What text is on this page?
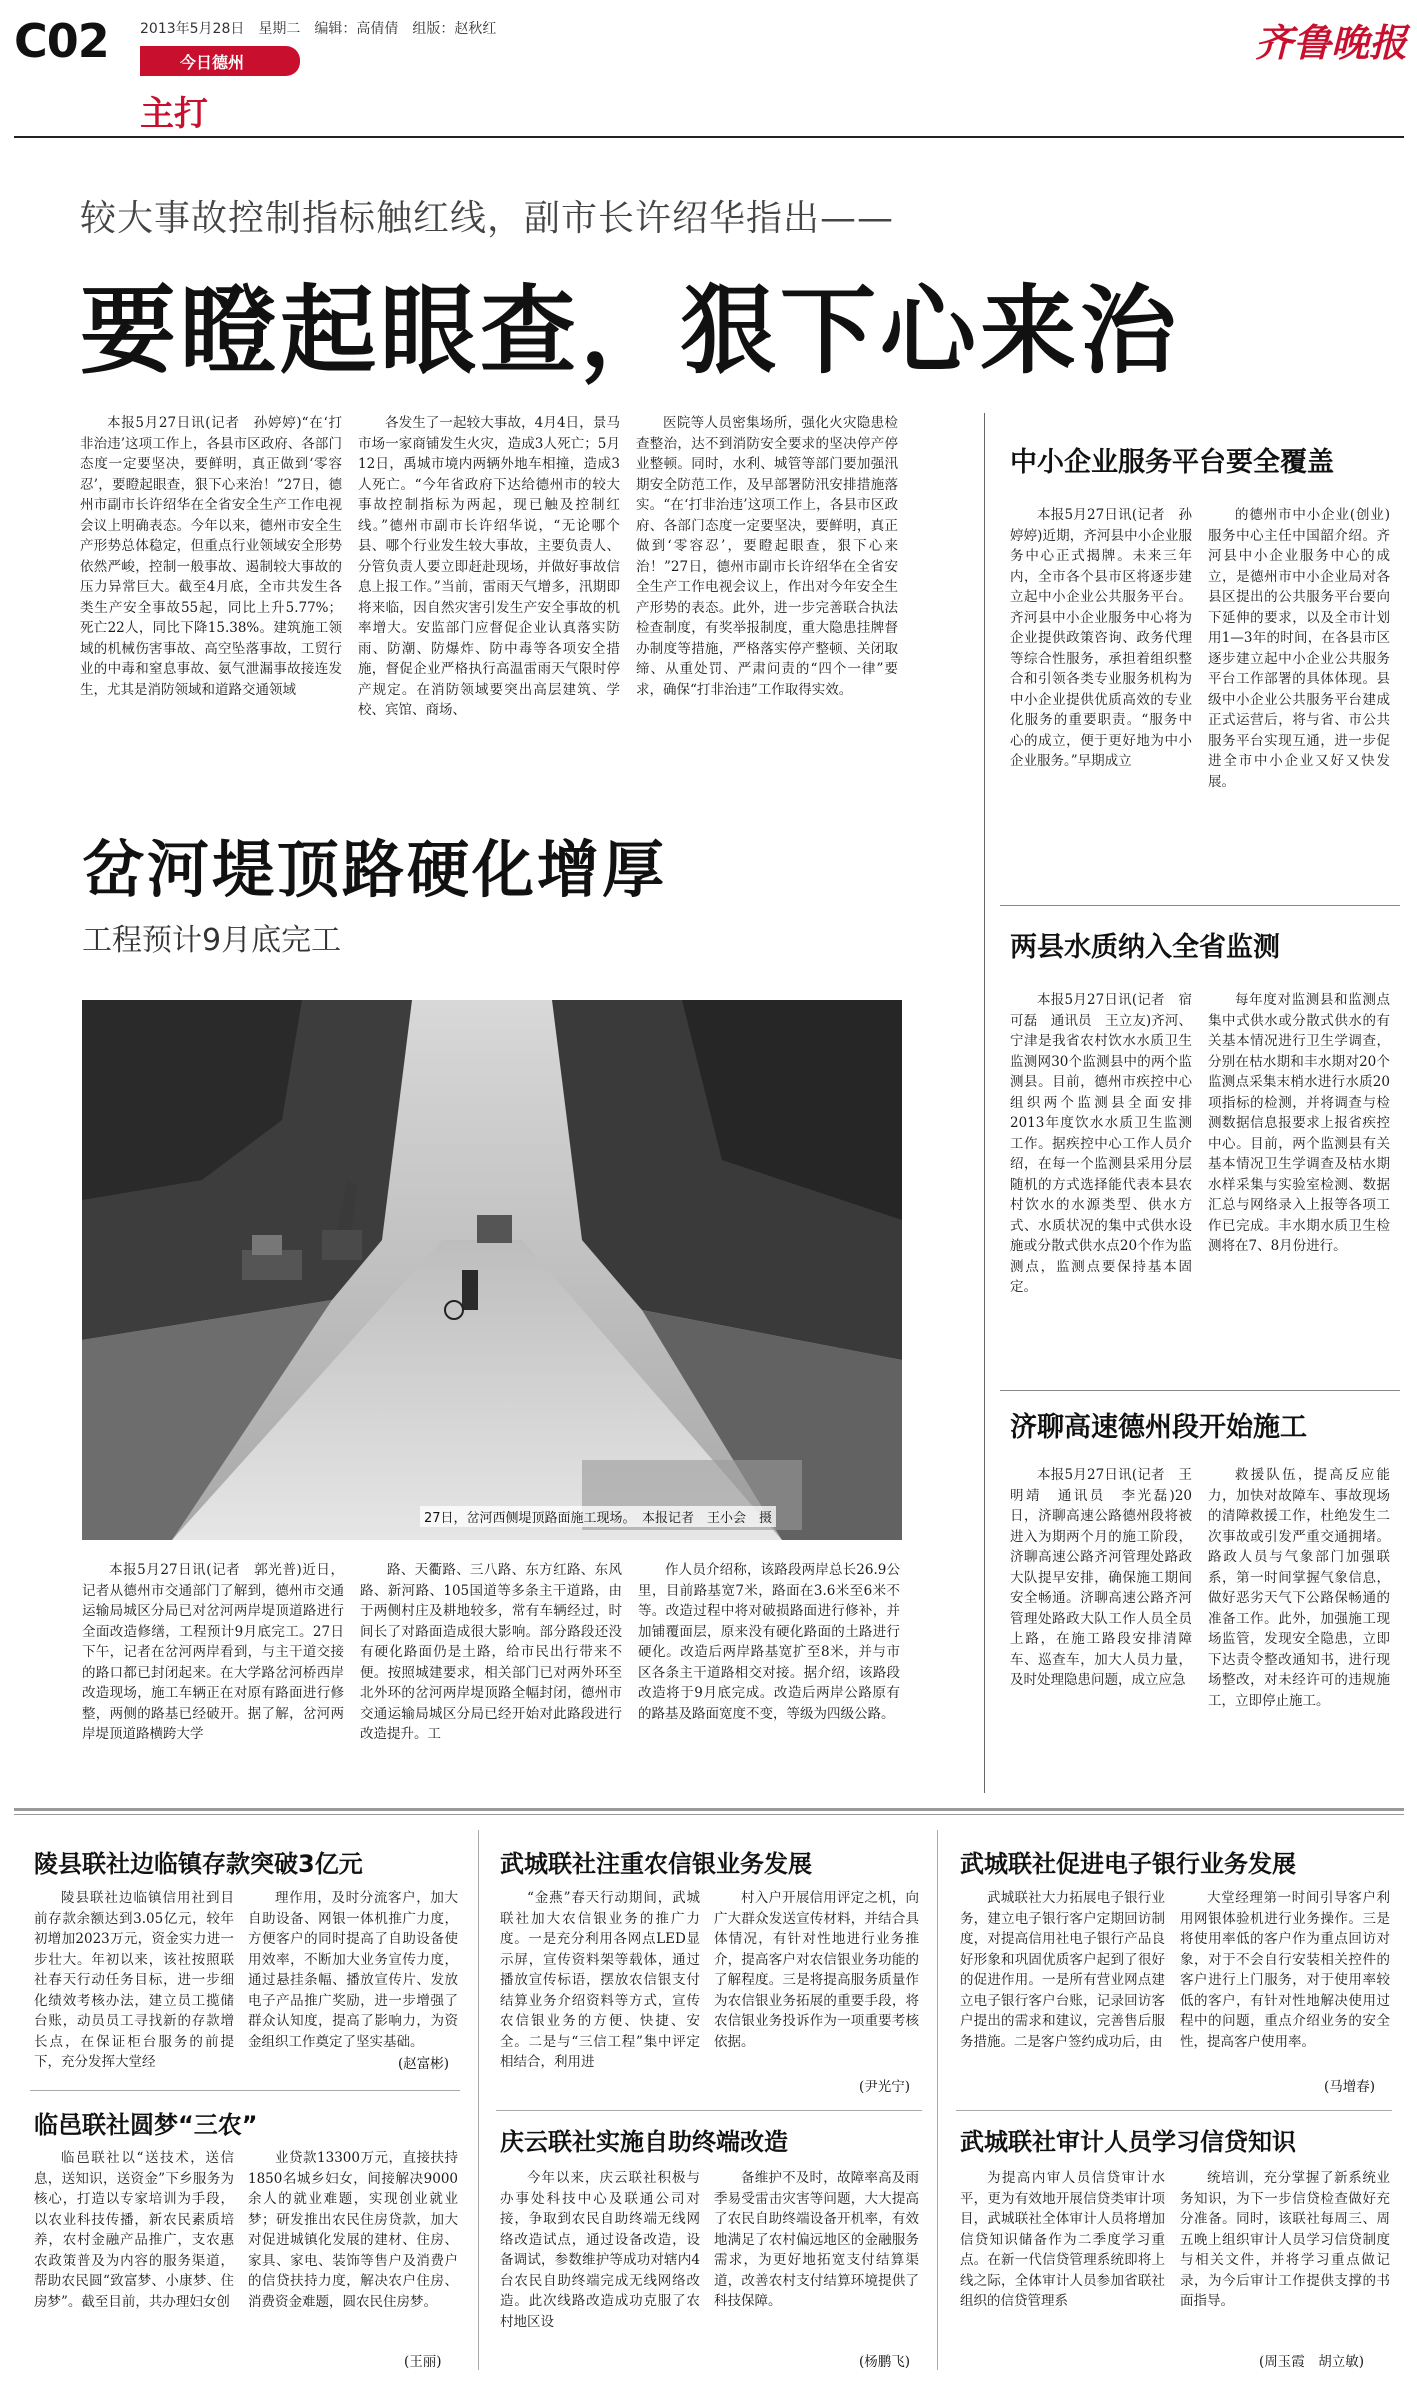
C02 2013年5月28日　星期二　编辑：高倩倩　组版：赵秋红
今日德州
主打
齐鲁晚报
较大事故控制指标触红线，副市长许绍华指出——
要瞪起眼查，狠下心来治
本报5月27日讯(记者　孙婷婷)“在‘打非治违’这项工作上，各县市区政府、各部门态度一定要坚决，要鲜明，真正做到‘零容忍’，要瞪起眼查，狠下心来治！”27日，德州市副市长许绍华在全省安全生产工作电视会议上明确表态。今年以来，德州市安全生产形势总体稳定，但重点行业领域安全形势依然严峻，控制一般事故、遏制较大事故的压力异常巨大。截至4月底，全市共发生各类生产安全事故55起，同比上升5.77%；死亡22人，同比下降15.38%。建筑施工领域的机械伤害事故、高空坠落事故，工贸行业的中毒和窒息事故、氨气泄漏事故接连发生，尤其是消防领域和道路交通领域
各发生了一起较大事故，4月4日，景马市场一家商铺发生火灾，造成3人死亡；5月12日，禹城市境内两辆外地车相撞，造成3人死亡。“今年省政府下达给德州市的较大事故控制指标为两起，现已触及控制红线。”德州市副市长许绍华说，“无论哪个县、哪个行业发生较大事故，主要负责人、分管负责人要立即赶赴现场，并做好事故信息上报工作。”当前，雷雨天气增多，汛期即将来临，因自然灾害引发生产安全事故的机率增大。安监部门应督促企业认真落实防雨、防潮、防爆炸、防中毒等各项安全措施，督促企业严格执行高温雷雨天气限时停产规定。在消防领域要突出高层建筑、学校、宾馆、商场、
医院等人员密集场所，强化火灾隐患检查整治，达不到消防安全要求的坚决停产停业整顿。同时，水利、城管等部门要加强汛期安全防范工作，及早部署防汛安排措施落实。“在‘打非治违’这项工作上，各县市区政府、各部门态度一定要坚决，要鲜明，真正做到‘零容忍’，要瞪起眼查，狠下心来治！”27日，德州市副市长许绍华在全省安全生产工作电视会议上，作出对今年安全生产形势的表态。此外，进一步完善联合执法检查制度，有奖举报制度，重大隐患挂牌督办制度等措施，严格落实停产整顿、关闭取缔、从重处罚、严肃问责的“四个一律”要求，确保“打非治违”工作取得实效。
岔河堤顶路硬化增厚
工程预计9月底完工
27日，岔河西侧堤顶路面施工现场。　本报记者　王小会　摄
本报5月27日讯(记者　郭光普)近日，记者从德州市交通部门了解到，德州市交通运输局城区分局已对岔河两岸堤顶道路进行全面改造修缮，工程预计9月底完工。27日下午，记者在岔河两岸看到，与主干道交接的路口都已封闭起来。在大学路岔河桥西岸改造现场，施工车辆正在对原有路面进行修整，两侧的路基已经破开。据了解，岔河两岸堤顶道路横跨大学
路、天衢路、三八路、东方红路、东风路、新河路、105国道等多条主干道路，由于两侧村庄及耕地较多，常有车辆经过，时间长了对路面造成很大影响。部分路段还没有硬化路面仍是土路，给市民出行带来不便。按照城建要求，相关部门已对两外环至北外环的岔河两岸堤顶路全幅封闭，德州市交通运输局城区分局已经开始对此路段进行改造提升。工
作人员介绍称，该路段两岸总长26.9公里，目前路基宽7米，路面在3.6米至6米不等。改造过程中将对破损路面进行修补，并加铺覆面层，原来没有硬化路面的土路进行硬化。改造后两岸路基宽扩至8米，并与市区各条主干道路相交对接。据介绍，该路段改造将于9月底完成。改造后两岸公路原有的路基及路面宽度不变，等级为四级公路。
中小企业服务平台要全覆盖
本报5月27日讯(记者　孙婷婷)近期，齐河县中小企业服务中心正式揭牌。未来三年内，全市各个县市区将逐步建立起中小企业公共服务平台。齐河县中小企业服务中心将为企业提供政策咨询、政务代理等综合性服务，承担着组织整合和引领各类专业服务机构为中小企业提供优质高效的专业化服务的重要职责。“服务中心的成立，便于更好地为中小企业服务。”早期成立
的德州市中小企业(创业)服务中心主任中国韶介绍。齐河县中小企业服务中心的成立，是德州市中小企业局对各县区提出的公共服务平台要向下延伸的要求，以及全市计划用1—3年的时间，在各县市区逐步建立起中小企业公共服务平台工作部署的具体体现。县级中小企业公共服务平台建成正式运营后，将与省、市公共服务平台实现互通，进一步促进全市中小企业又好又快发展。
两县水质纳入全省监测
本报5月27日讯(记者　宿可磊　通讯员　王立友)齐河、宁津是我省农村饮水水质卫生监测网30个监测县中的两个监测县。目前，德州市疾控中心组织两个监测县全面安排2013年度饮水水质卫生监测工作。据疾控中心工作人员介绍，在每一个监测县采用分层随机的方式选择能代表本县农村饮水的水源类型、供水方式、水质状况的集中式供水设施或分散式供水点20个作为监测点，监测点要保持基本固定。
每年度对监测县和监测点集中式供水或分散式供水的有关基本情况进行卫生学调查，分别在枯水期和丰水期对20个监测点采集末梢水进行水质20项指标的检测，并将调查与检测数据信息报要求上报省疾控中心。目前，两个监测县有关基本情况卫生学调查及枯水期水样采集与实验室检测、数据汇总与网络录入上报等各项工作已完成。丰水期水质卫生检测将在7、8月份进行。
济聊高速德州段开始施工
本报5月27日讯(记者　王明靖　通讯员　李光磊)20日，济聊高速公路德州段将被进入为期两个月的施工阶段，济聊高速公路齐河管理处路政大队提早安排，确保施工期间安全畅通。济聊高速公路齐河管理处路政大队工作人员全员上路，在施工路段安排清障车、巡查车，加大人员力量，及时处理隐患问题，成立应急
救援队伍，提高反应能力，加快对故障车、事故现场的清障救援工作，杜绝发生二次事故或引发严重交通拥堵。路政人员与气象部门加强联系，第一时间掌握气象信息，做好恶劣天气下公路保畅通的准备工作。此外，加强施工现场监管，发现安全隐患，立即下达责令整改通知书，进行现场整改，对未经许可的违规施工，立即停止施工。
陵县联社边临镇存款突破3亿元
陵县联社边临镇信用社到目前存款余额达到3.05亿元，较年初增加2023万元，资金实力进一步壮大。年初以来，该社按照联社春天行动任务目标，进一步细化绩效考核办法，建立员工揽储台账，动员员工寻找新的存款增长点，在保证柜台服务的前提下，充分发挥大堂经
理作用，及时分流客户，加大自助设备、网银一体机推广力度，方便客户的同时提高了自助设备使用效率，不断加大业务宣传力度，通过悬挂条幅、播放宣传片、发放电子产品推广奖励，进一步增强了群众认知度，提高了影响力，为资金组织工作奠定了坚实基础。
(赵富彬)
临邑联社圆梦“三农”
临邑联社以“送技术，送信息，送知识，送资金”下乡服务为核心，打造以专家培训为手段，以农业科技传播，新农民素质培养，农村金融产品推广，支农惠农政策普及为内容的服务渠道，帮助农民圆“致富梦、小康梦、住房梦”。截至目前，共办理妇女创
业贷款13300万元，直接扶持1850名城乡妇女，间接解决9000余人的就业难题，实现创业就业梦；研发推出农民住房贷款，加大对促进城镇化发展的建材、住房、家具、家电、装饰等售户及消费户的信贷扶持力度，解决农户住房、消费资金难题，圆农民住房梦。
(王丽)
武城联社注重农信银业务发展
“金燕”春天行动期间，武城联社加大农信银业务的推广力度。一是充分利用各网点LED显示屏，宣传资料架等载体，通过播放宣传标语，摆放农信银支付结算业务介绍资料等方式，宣传农信银业务的方便、快捷、安全。二是与“三信工程”集中评定相结合，利用进
村入户开展信用评定之机，向广大群众发送宣传材料，并结合具体情况，有针对性地进行业务推介，提高客户对农信银业务功能的了解程度。三是将提高服务质量作为农信银业务拓展的重要手段，将农信银业务投诉作为一项重要考核依据。
(尹光宁)
庆云联社实施自助终端改造
今年以来，庆云联社积极与办事处科技中心及联通公司对接，争取到农民自助终端无线网络改造试点，通过设备改造，设备调试，参数维护等成功对辖内4台农民自助终端完成无线网络改造。此次线路改造成功克服了农村地区设
备维护不及时，故障率高及雨季易受雷击灾害等问题，大大提高了农民自助终端设备开机率，有效地满足了农村偏远地区的金融服务需求，为更好地拓宽支付结算渠道，改善农村支付结算环境提供了科技保障。
(杨鹏飞)
武城联社促进电子银行业务发展
武城联社大力拓展电子银行业务，建立电子银行客户定期回访制度，对提高信用社电子银行产品良好形象和巩固优质客户起到了很好的促进作用。一是所有营业网点建立电子银行客户台账，记录回访客户提出的需求和建议，完善售后服务措施。二是客户签约成功后，由
大堂经理第一时间引导客户利用网银体验机进行业务操作。三是将使用率低的客户作为重点回访对象，对于不会自行安装相关控件的客户进行上门服务，对于使用率较低的客户，有针对性地解决使用过程中的问题，重点介绍业务的安全性，提高客户使用率。
(马增春)
武城联社审计人员学习信贷知识
为提高内审人员信贷审计水平，更为有效地开展信贷类审计项目，武城联社全体审计人员将增加信贷知识储备作为二季度学习重点。在新一代信贷管理系统即将上线之际，全体审计人员参加省联社组织的信贷管理系
统培训，充分掌握了新系统业务知识，为下一步信贷检查做好充分准备。同时，该联社每周三、周五晚上组织审计人员学习信贷制度与相关文件，并将学习重点做记录，为今后审计工作提供支撑的书面指导。
(周玉霞　胡立敏)
